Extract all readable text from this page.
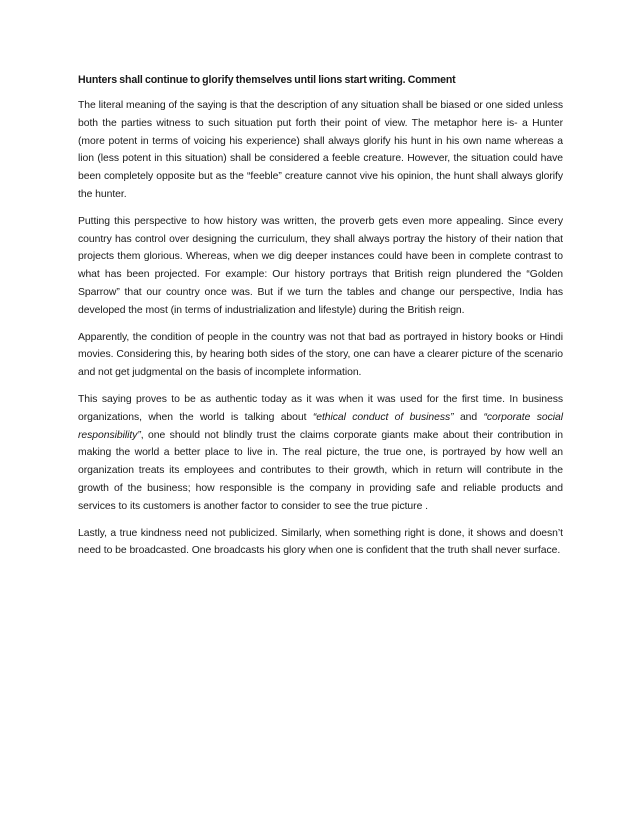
Hunters shall continue to glorify themselves until lions start writing. Comment

The literal meaning of the saying is that the description of any situation shall be biased or one sided unless both the parties witness to such situation put forth their point of view. The metaphor here is- a Hunter (more potent in terms of voicing his experience) shall always glorify his hunt in his own name whereas a lion (less potent in this situation) shall be considered a feeble creature. However, the situation could have been completely opposite but as the “feeble” creature cannot vive his opinion, the hunt shall always glorify the hunter.

Putting this perspective to how history was written, the proverb gets even more appealing. Since every country has control over designing the curriculum, they shall always portray the history of their nation that projects them glorious. Whereas, when we dig deeper instances could have been in complete contrast to what has been projected. For example: Our history portrays that British reign plundered the “Golden Sparrow” that our country once was. But if we turn the tables and change our perspective, India has developed the most (in terms of industrialization and lifestyle) during the British reign.

Apparently, the condition of people in the country was not that bad as portrayed in history books or Hindi movies. Considering this, by hearing both sides of the story, one can have a clearer picture of the scenario and not get judgmental on the basis of incomplete information.

This saying proves to be as authentic today as it was when it was used for the first time. In business organizations, when the world is talking about “ethical conduct of business” and “corporate social responsibility”, one should not blindly trust the claims corporate giants make about their contribution in making the world a better place to live in. The real picture, the true one, is portrayed by how well an organization treats its employees and contributes to their growth, which in return will contribute in the growth of the business; how responsible is the company in providing safe and reliable products and services to its customers is another factor to consider to see the true picture .

Lastly, a true kindness need not publicized. Similarly, when something right is done, it shows and doesn’t need to be broadcasted. One broadcasts his glory when one is confident that the truth shall never surface.
